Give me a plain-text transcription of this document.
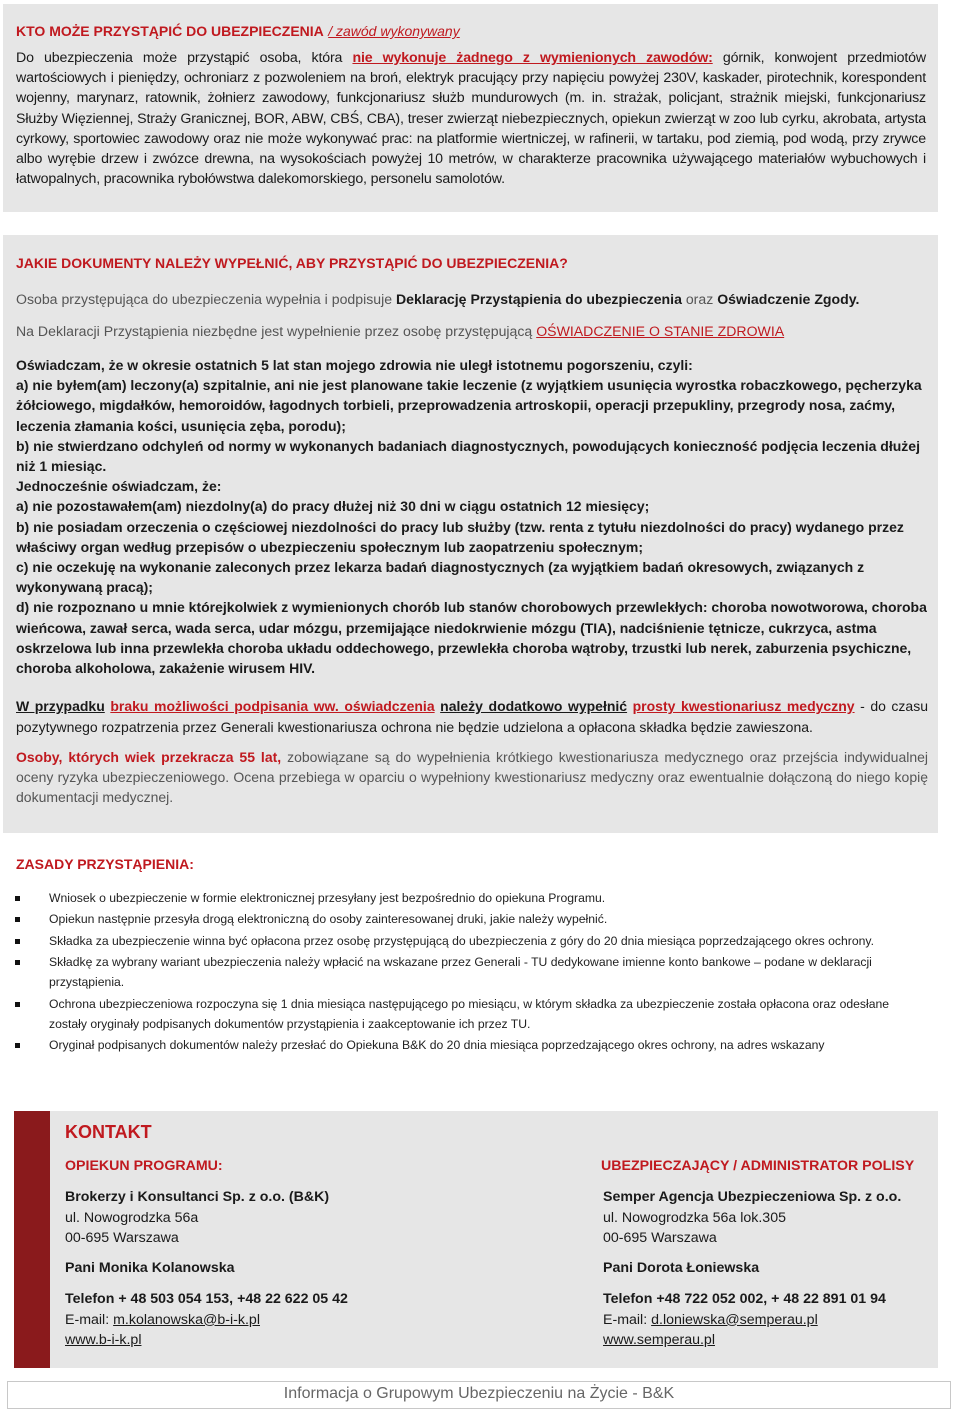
KTO MOŻE PRZYSTĄPIĆ DO UBEZPIECZENIA / zawód wykonywany

Do ubezpieczenia może przystąpić osoba, która nie wykonuje żadnego z wymienionych zawodów: górnik, konwojent przedmiotów wartościowych i pieniędzy, ochroniarz z pozwoleniem na broń, elektryk pracujący przy napięciu powyżej 230V, kaskader, pirotechnik, korespondent wojenny, marynarz, ratownik, żołnierz zawodowy, funkcjonariusz służb mundurowych (m. in. strażak, policjant, strażnik miejski, funkcjonariusz Służby Więziennej, Straży Granicznej, BOR, ABW, CBŚ, CBA), treser zwierząt niebezpiecznych, opiekun zwierząt w zoo lub cyrku, akrobata, artysta cyrkowy, sportowiec zawodowy oraz nie może wykonywać prac: na platformie wiertniczej, w rafinerii, w tartaku, pod ziemią, pod wodą, przy zrywce albo wyrębie drzew i zwózce drewna, na wysokościach powyżej 10 metrów, w charakterze pracownika używającego materiałów wybuchowych i łatwopalnych, pracownika rybołówstwa dalekomorskiego, personelu samolotów.

JAKIE DOKUMENTY NALEŻY WYPEŁNIĆ, ABY PRZYSTĄPIĆ DO UBEZPIECZENIA?

Osoba przystępująca do ubezpieczenia wypełnia i podpisuje Deklarację Przystąpienia do ubezpieczenia oraz Oświadczenie Zgody.

Na Deklaracji Przystąpienia niezbędne jest wypełnienie przez osobę przystępującą OŚWIADCZENIE O STANIE ZDROWIA

Oświadczam, że w okresie ostatnich 5 lat stan mojego zdrowia nie uległ istotnemu pogorszeniu, czyli:

a) nie byłem(am) leczony(a) szpitalnie, ani nie jest planowane takie leczenie (z wyjątkiem usunięcia wyrostka robaczkowego, pęcherzyka żółciowego, migdałków, hemoroidów, łagodnych torbieli, przeprowadzenia artroskopii, operacji przepukliny, przegrody nosa, zaćmy, leczenia złamania kości, usunięcia zęba, porodu);

b) nie stwierdzano odchyleń od normy w wykonanych badaniach diagnostycznych, powodujących konieczność podjęcia leczenia dłużej niż 1 miesiąc.

Jednocześnie oświadczam, że:

a) nie pozostawałem(am) niezdolny(a) do pracy dłużej niż 30 dni w ciągu ostatnich 12 miesięcy;

b) nie posiadam orzeczenia o częściowej niezdolności do pracy lub służby (tzw. renta z tytułu niezdolności do pracy) wydanego przez właściwy organ według przepisów o ubezpieczeniu społecznym lub zaopatrzeniu społecznym;

c) nie oczekuję na wykonanie zaleconych przez lekarza badań diagnostycznych (za wyjątkiem badań okresowych, związanych z wykonywaną pracą);

d) nie rozpoznano u mnie którejkolwiek z wymienionych chorób lub stanów chorobowych przewlekłych: choroba nowotworowa, choroba wieńcowa, zawał serca, wada serca, udar mózgu, przemijające niedokrwienie mózgu (TIA), nadciśnienie tętnicze, cukrzyca, astma oskrzelowa lub inna przewlekła choroba układu oddechowego, przewlekła choroba wątroby, trzustki lub nerek, zaburzenia psychiczne, choroba alkoholowa, zakażenie wirusem HIV.

W przypadku braku możliwości podpisania ww. oświadczenia należy dodatkowo wypełnić prosty kwestionariusz medyczny - do czasu pozytywnego rozpatrzenia przez Generali kwestionariusza ochrona nie będzie udzielona a opłacona składka będzie zawieszona.

Osoby, których wiek przekracza 55 lat, zobowiązane są do wypełnienia krótkiego kwestionariusza medycznego oraz przejścia indywidualnej oceny ryzyka ubezpieczeniowego. Ocena przebiega w oparciu o wypełniony kwestionariusz medyczny oraz ewentualnie dołączoną do niego kopię dokumentacji medycznej.

ZASADY PRZYSTĄPIENIA:

Wniosek o ubezpieczenie w formie elektronicznej przesyłany jest bezpośrednio do opiekuna Programu.
Opiekun następnie przesyła drogą elektroniczną do osoby zainteresowanej druki, jakie należy wypełnić.
Składka za ubezpieczenie winna być opłacona przez osobę przystępującą do ubezpieczenia z góry do 20 dnia miesiąca poprzedzającego okres ochrony.
Składkę za wybrany wariant ubezpieczenia należy wpłacić na wskazane przez Generali - TU dedykowane imienne konto bankowe – podane w deklaracji przystąpienia.
Ochrona ubezpieczeniowa rozpoczyna się 1 dnia miesiąca następującego po miesiącu, w którym składka za ubezpieczenie została opłacona oraz odesłane zostały oryginały podpisanych dokumentów przystąpienia i zaakceptowanie ich przez TU.
Oryginał podpisanych dokumentów należy przesłać do Opiekuna B&K do 20 dnia miesiąca poprzedzającego okres ochrony, na adres wskazany

KONTAKT

OPIEKUN PROGRAMU:

Brokerzy i Konsultanci Sp. z o.o. (B&K)

ul. Nowogrodzka 56a

00-695 Warszawa

Pani Monika Kolanowska

Telefon + 48 503 054 153, +48 22 622 05 42

E-mail: m.kolanowska@b-i-k.pl

www.b-i-k.pl

UBEZPIECZAJĄCY / ADMINISTRATOR POLISY

Semper Agencja Ubezpieczeniowa Sp. z o.o.

ul. Nowogrodzka 56a lok.305

00-695 Warszawa

Pani Dorota Łoniewska

Telefon +48 722 052 002, + 48 22 891 01 94

E-mail: d.loniewska@semperau.pl

www.semperau.pl

Informacja o Grupowym Ubezpieczeniu na Życie - B&K
